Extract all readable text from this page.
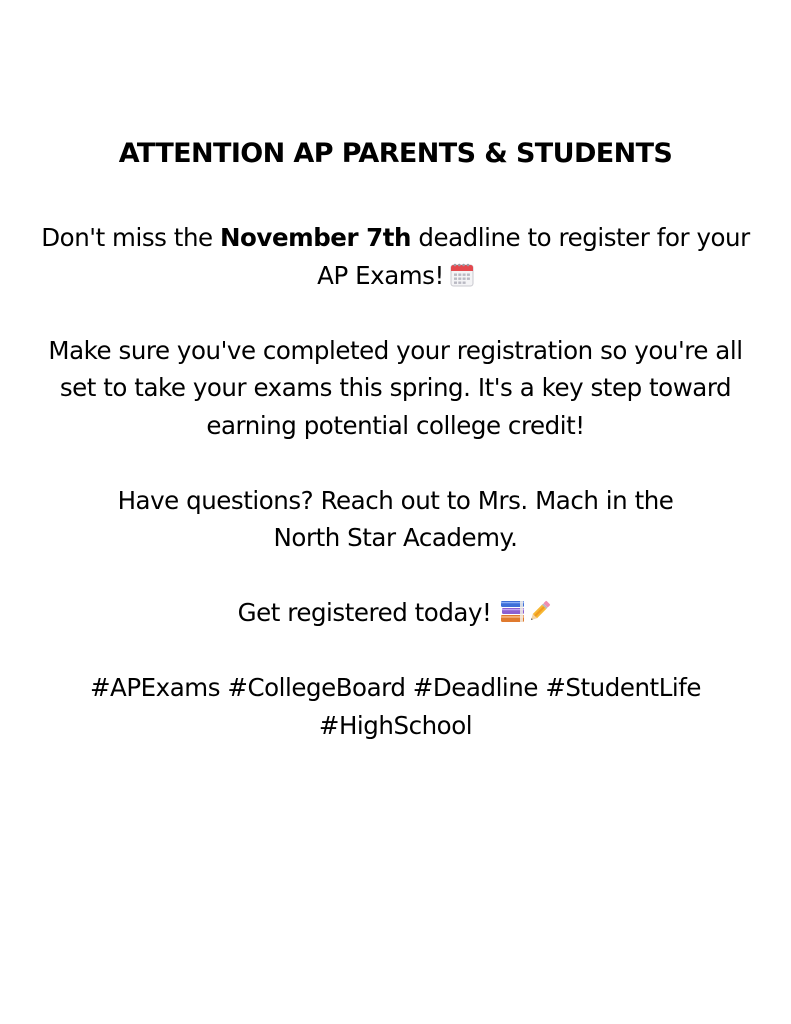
ATTENTION AP PARENTS & STUDENTS

Don't miss the November 7th deadline to register for your
AP Exams!

Make sure you've completed your registration so you're all
set to take your exams this spring. It's a key step toward
earning potential college credit!

Have questions? Reach out to Mrs. Mach in the
North Star Academy.

Get registered today!

#APExams #CollegeBoard #Deadline #StudentLife
#HighSchool
